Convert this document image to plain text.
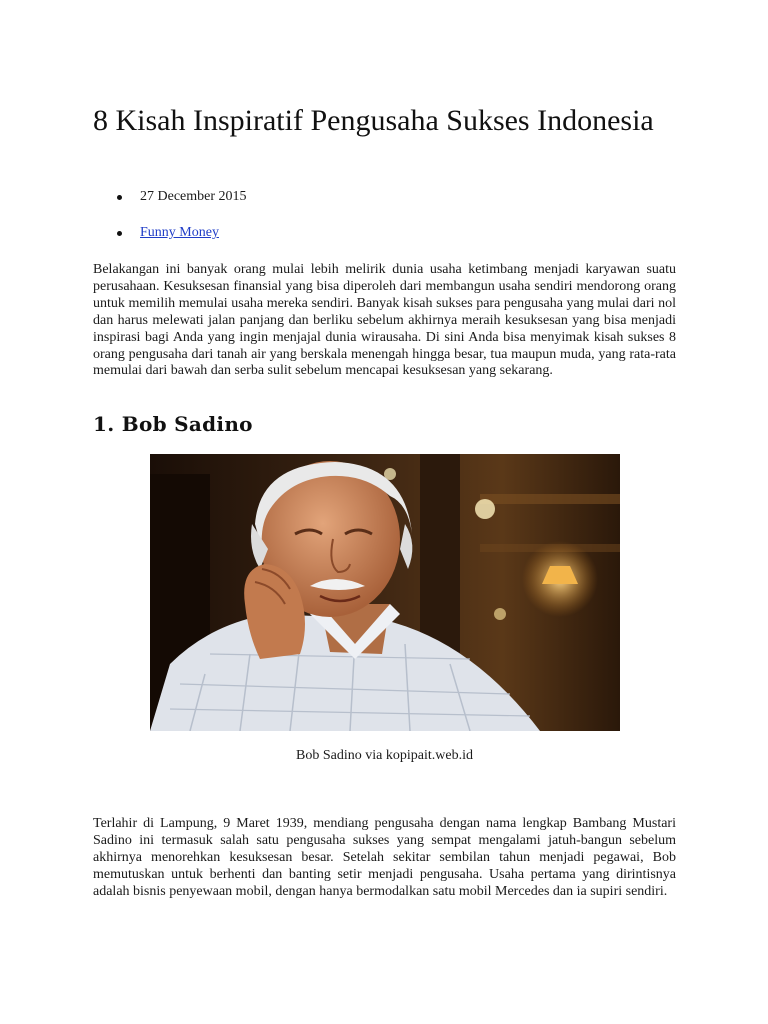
8 Kisah Inspiratif Pengusaha Sukses Indonesia
27 December 2015
Funny Money

Belakangan ini banyak orang mulai lebih melirik dunia usaha ketimbang menjadi karyawan suatu perusahaan. Kesuksesan finansial yang bisa diperoleh dari membangun usaha sendiri mendorong orang untuk memilih memulai usaha mereka sendiri. Banyak kisah sukses para pengusaha yang mulai dari nol dan harus melewati jalan panjang dan berliku sebelum akhirnya meraih kesuksesan yang bisa menjadi inspirasi bagi Anda yang ingin menjajal dunia wirausaha. Di sini Anda bisa menyimak kisah sukses 8 orang pengusaha dari tanah air yang berskala menengah hingga besar, tua maupun muda, yang rata-rata memulai dari bawah dan serba sulit sebelum mencapai kesuksesan yang sekarang.

1. Bob Sadino
Bob Sadino via kopipait.web.id

Terlahir di Lampung, 9 Maret 1939, mendiang pengusaha dengan nama lengkap Bambang Mustari Sadino ini termasuk salah satu pengusaha sukses yang sempat mengalami jatuh-bangun sebelum akhirnya menorehkan kesuksesan besar. Setelah sekitar sembilan tahun menjadi pegawai, Bob memutuskan untuk berhenti dan banting setir menjadi pengusaha. Usaha pertama yang dirintisnya adalah bisnis penyewaan mobil, dengan hanya bermodalkan satu mobil Mercedes dan ia supiri sendiri.
